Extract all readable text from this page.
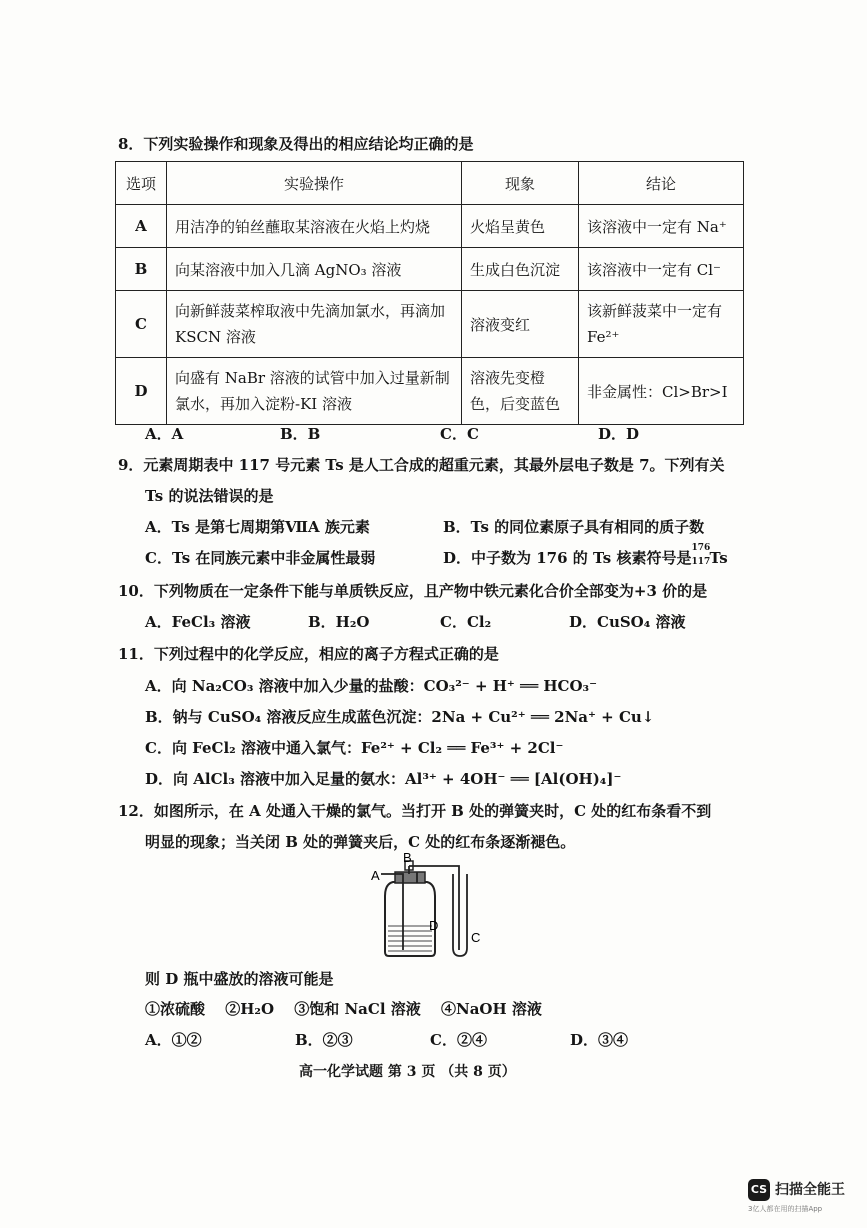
8．下列实验操作和现象及得出的相应结论均正确的是
选项	实验操作	现象	结论
A	用洁净的铂丝蘸取某溶液在火焰上灼烧	火焰呈黄色	该溶液中一定有 Na⁺
B	向某溶液中加入几滴 AgNO₃ 溶液	生成白色沉淀	该溶液中一定有 Cl⁻
C	向新鲜菠菜榨取液中先滴加氯水，再滴加 KSCN 溶液	溶液变红	该新鲜菠菜中一定有 Fe²⁺
D	向盛有 NaBr 溶液的试管中加入过量新制氯水，再加入淀粉-KI 溶液	溶液先变橙色，后变蓝色	非金属性：Cl>Br>I
A．A	B．B	C．C	D．D
9．元素周期表中 117 号元素 Ts 是人工合成的超重元素，其最外层电子数是 7。下列有关
Ts 的说法错误的是
A．Ts 是第七周期第ⅦA 族元素	B．Ts 的同位素原子具有相同的质子数
C．Ts 在同族元素中非金属性最弱	D．中子数为 176 的 Ts 核素符号是
176
117 Ts
10．下列物质在一定条件下能与单质铁反应，且产物中铁元素化合价全部变为+3 价的是
A．FeCl₃ 溶液	B．H₂O	C．Cl₂	D．CuSO₄ 溶液
11．下列过程中的化学反应，相应的离子方程式正确的是
A．向 Na₂CO₃ 溶液中加入少量的盐酸：CO₃²⁻ + H⁺ ══ HCO₃⁻
B．钠与 CuSO₄ 溶液反应生成蓝色沉淀：2Na + Cu²⁺ ══ 2Na⁺ + Cu↓
C．向 FeCl₂ 溶液中通入氯气：Fe²⁺ + Cl₂ ══ Fe³⁺ + 2Cl⁻
D．向 AlCl₃ 溶液中加入足量的氨水：Al³⁺ + 4OH⁻ ══ [Al(OH)₄]⁻
12．如图所示，在 A 处通入干燥的氯气。当打开 B 处的弹簧夹时，C 处的红布条看不到
明显的现象；当关闭 B 处的弹簧夹后，C 处的红布条逐渐褪色。
A
B
D
C
则 D 瓶中盛放的溶液可能是
①浓硫酸　 ②H₂O　 ③饱和 NaCl 溶液　 ④NaOH 溶液
A．①②	B．②③	C．②④	D．③④
高一化学试题 第 3 页 （共 8 页）
CS 扫描全能王
3亿人都在用的扫描App
